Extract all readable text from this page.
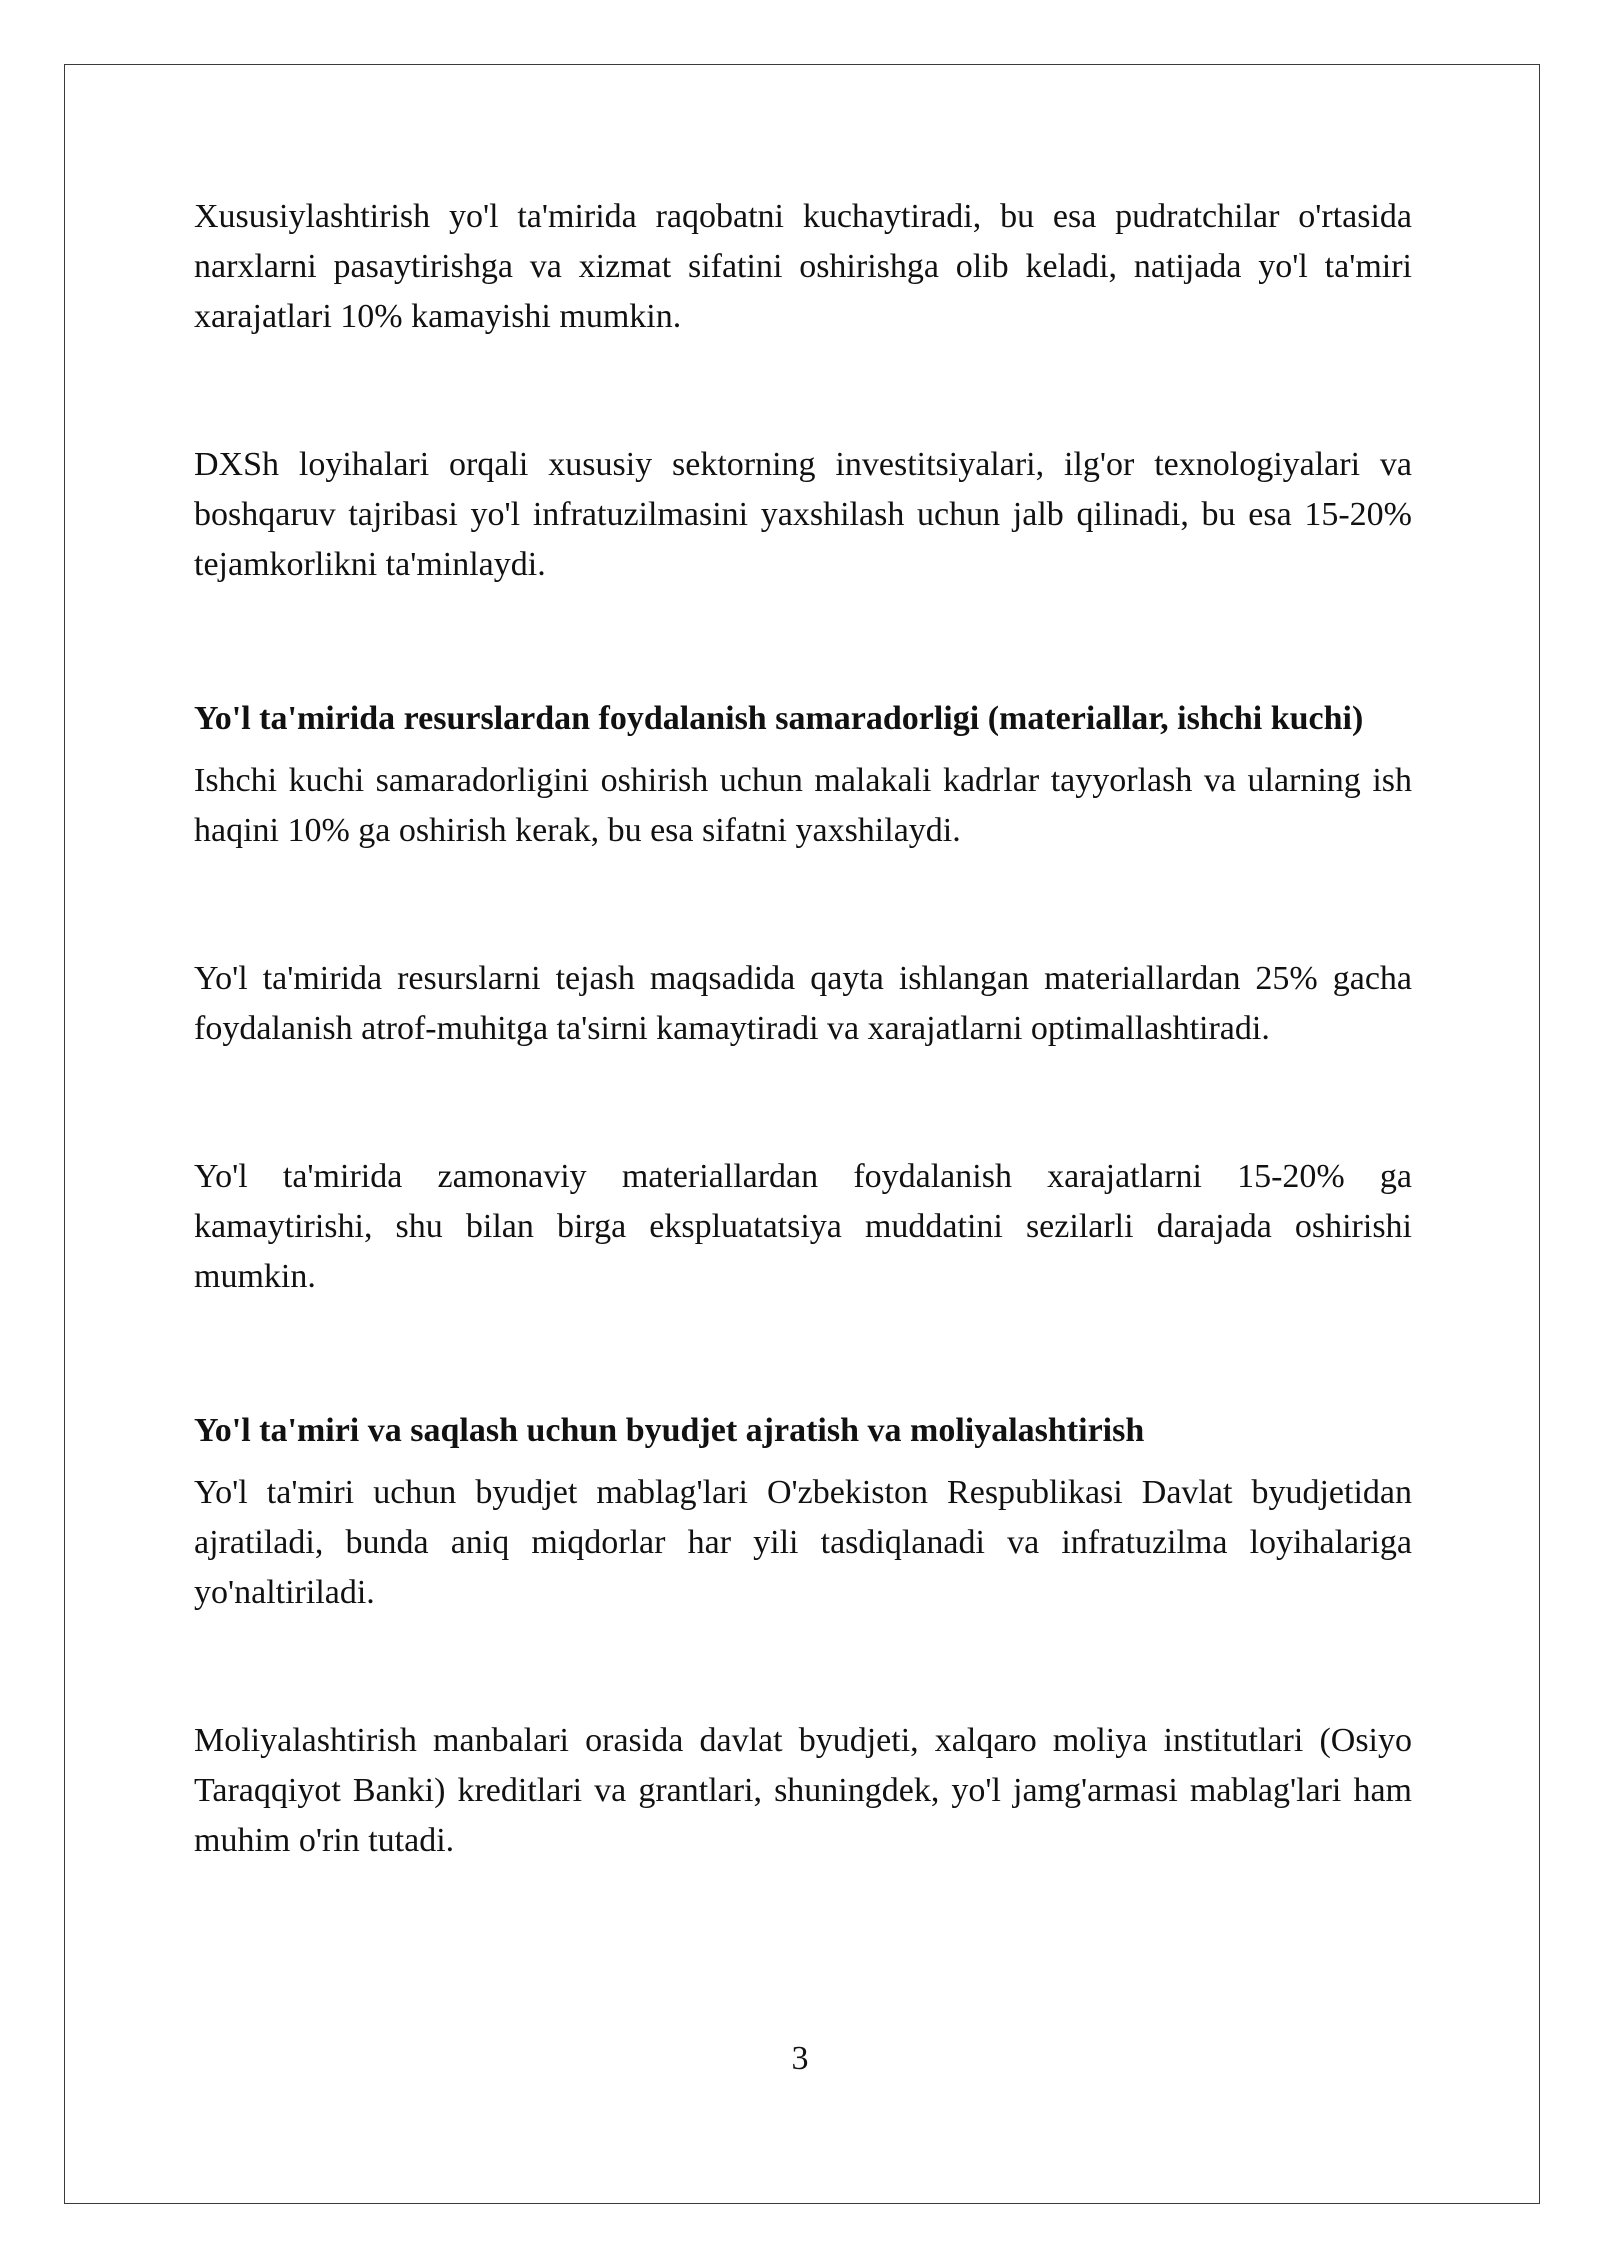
Xususiylashtirish yo'l ta'mirida raqobatni kuchaytiradi, bu esa pudratchilar o'rtasida narxlarni pasaytirishga va xizmat sifatini oshirishga olib keladi, natijada yo'l ta'miri xarajatlari 10% kamayishi mumkin.

DXSh loyihalari orqali xususiy sektorning investitsiyalari, ilg'or texnologiyalari va boshqaruv tajribasi yo'l infratuzilmasini yaxshilash uchun jalb qilinadi, bu esa 15-20% tejamkorlikni ta'minlaydi.

Yo'l ta'mirida resurslardan foydalanish samaradorligi (materiallar, ishchi kuchi)

Ishchi kuchi samaradorligini oshirish uchun malakali kadrlar tayyorlash va ularning ish haqini 10% ga oshirish kerak, bu esa sifatni yaxshilaydi.

Yo'l ta'mirida resurslarni tejash maqsadida qayta ishlangan materiallardan 25% gacha foydalanish atrof-muhitga ta'sirni kamaytiradi va xarajatlarni optimallashtiradi.

Yo'l ta'mirida zamonaviy materiallardan foydalanish xarajatlarni 15-20% ga kamaytirishi, shu bilan birga ekspluatatsiya muddatini sezilarli darajada oshirishi mumkin.

Yo'l ta'miri va saqlash uchun byudjet ajratish va moliyalashtirish

Yo'l ta'miri uchun byudjet mablag'lari O'zbekiston Respublikasi Davlat byudjetidan ajratiladi, bunda aniq miqdorlar har yili tasdiqlanadi va infratuzilma loyihalariga yo'naltiriladi.

Moliyalashtirish manbalari orasida davlat byudjeti, xalqaro moliya institutlari (Osiyo Taraqqiyot Banki) kreditlari va grantlari, shuningdek, yo'l jamg'armasi mablag'lari ham muhim o'rin tutadi.

3
